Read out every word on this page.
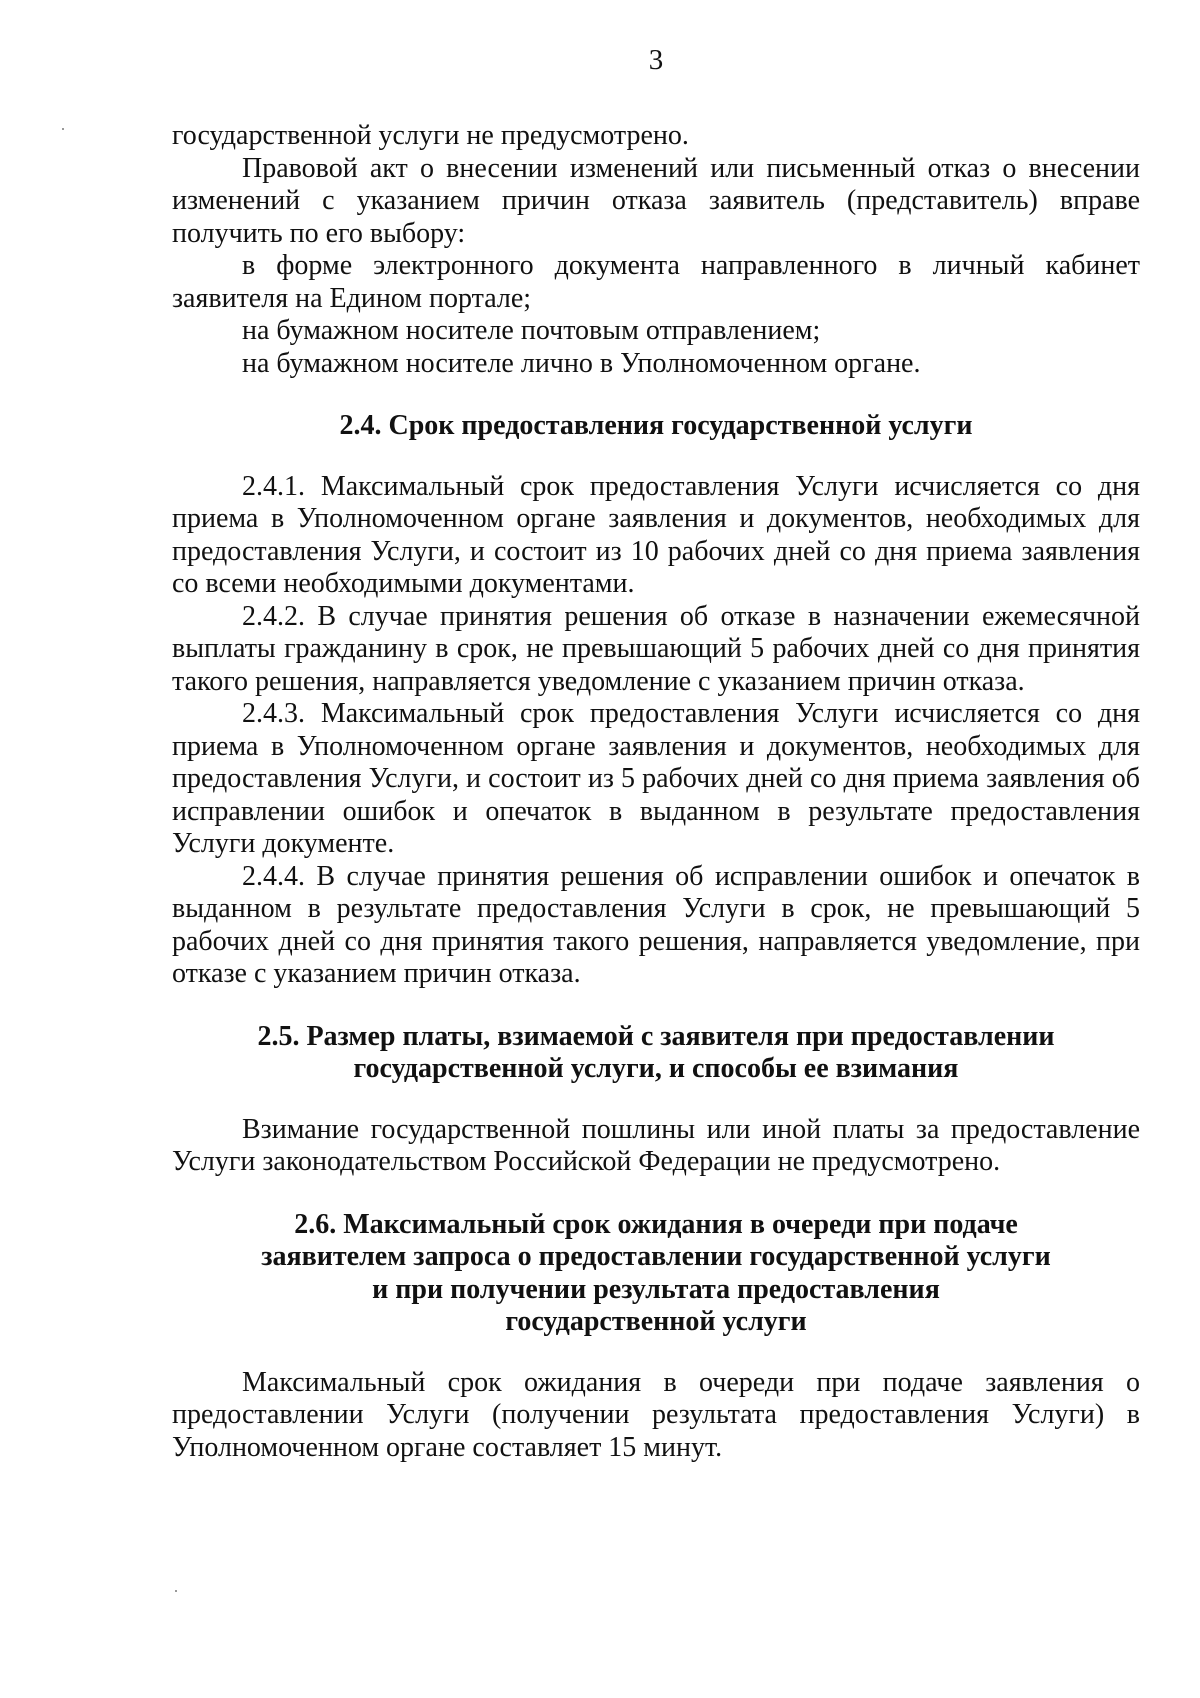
3

государственной услуги не предусмотрено.

Правовой акт о внесении изменений или письменный отказ о внесении изменений с указанием причин отказа заявитель (представитель) вправе получить по его выбору:

в форме электронного документа направленного в личный кабинет заявителя на Едином портале;

на бумажном носителе почтовым отправлением;

на бумажном носителе лично в Уполномоченном органе.

2.4. Срок предоставления государственной услуги

2.4.1. Максимальный срок предоставления Услуги исчисляется со дня приема в Уполномоченном органе заявления и документов, необходимых для предоставления Услуги, и состоит из 10 рабочих дней со дня приема заявления со всеми необходимыми документами.

2.4.2. В случае принятия решения об отказе в назначении ежемесячной выплаты гражданину в срок, не превышающий 5 рабочих дней со дня принятия такого решения, направляется уведомление с указанием причин отказа.

2.4.3. Максимальный срок предоставления Услуги исчисляется со дня приема в Уполномоченном органе заявления и документов, необходимых для предоставления Услуги, и состоит из 5 рабочих дней со дня приема заявления об исправлении ошибок и опечаток в выданном в результате предоставления Услуги документе.

2.4.4. В случае принятия решения об исправлении ошибок и опечаток в выданном в результате предоставления Услуги в срок, не превышающий 5 рабочих дней со дня принятия такого решения, направляется уведомление, при отказе с указанием причин отказа.

2.5. Размер платы, взимаемой с заявителя при предоставлении
государственной услуги, и способы ее взимания

Взимание государственной пошлины или иной платы за предоставление Услуги законодательством Российской Федерации не предусмотрено.

2.6. Максимальный срок ожидания в очереди при подаче
заявителем запроса о предоставлении государственной услуги
и при получении результата предоставления
государственной услуги

Максимальный срок ожидания в очереди при подаче заявления о предоставлении Услуги (получении результата предоставления Услуги) в Уполномоченном органе составляет 15 минут.
